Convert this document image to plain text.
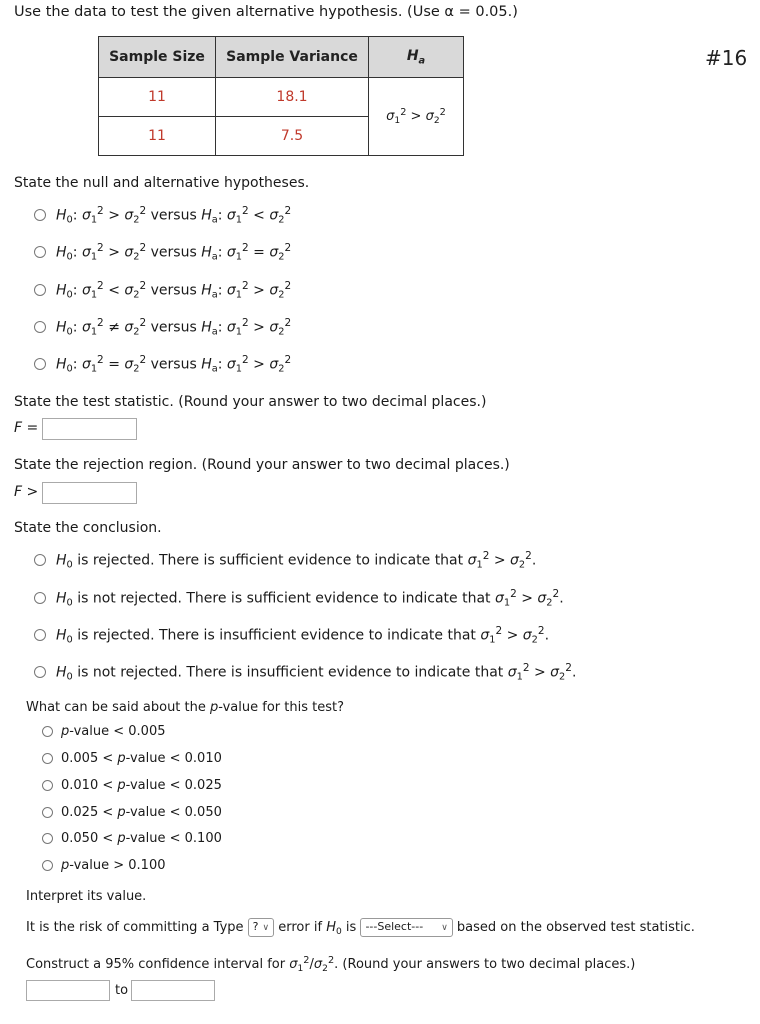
Use the data to test the given alternative hypothesis. (Use α = 0.05.)
#16
Sample Size	Sample Variance	$H_a$
11	18.1	$\sigma_1^2 > \sigma_2^2$
11	7.5	
State the null and alternative hypotheses.
$H_0$: $\sigma_1^2 > \sigma_2^2$ versus $H_a$: $\sigma_1^2 < \sigma_2^2$
$H_0$: $\sigma_1^2 > \sigma_2^2$ versus $H_a$: $\sigma_1^2 = \sigma_2^2$
$H_0$: $\sigma_1^2 < \sigma_2^2$ versus $H_a$: $\sigma_1^2 > \sigma_2^2$
$H_0$: $\sigma_1^2 \ne \sigma_2^2$ versus $H_a$: $\sigma_1^2 > \sigma_2^2$
$H_0$: $\sigma_1^2 = \sigma_2^2$ versus $H_a$: $\sigma_1^2 > \sigma_2^2$
State the test statistic. (Round your answer to two decimal places.)
F =
State the rejection region. (Round your answer to two decimal places.)
F >
State the conclusion.
$H_0$ is rejected. There is sufficient evidence to indicate that $\sigma_1^2 > \sigma_2^2$.
$H_0$ is not rejected. There is sufficient evidence to indicate that $\sigma_1^2 > \sigma_2^2$.
$H_0$ is rejected. There is insufficient evidence to indicate that $\sigma_1^2 > \sigma_2^2$.
$H_0$ is not rejected. There is insufficient evidence to indicate that $\sigma_1^2 > \sigma_2^2$.
What can be said about the p-value for this test?
p-value < 0.005
0.005 < p-value < 0.010
0.010 < p-value < 0.025
0.025 < p-value < 0.050
0.050 < p-value < 0.100
p-value > 0.100
Interpret its value.
It is the risk of committing a Type ? ∨ error if $H_0$ is ---Select--- ∨ based on the observed test statistic.
Construct a 95% confidence interval for $\sigma_1^2/\sigma_2^2$. (Round your answers to two decimal places.)
to
